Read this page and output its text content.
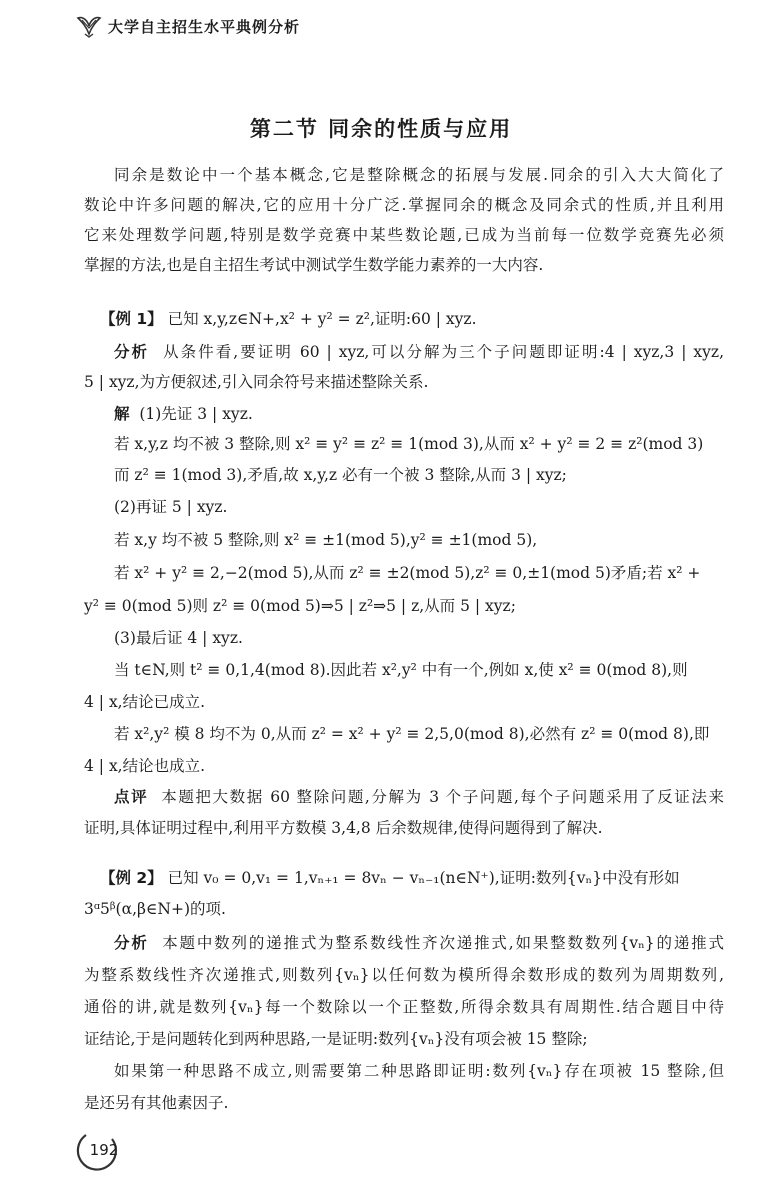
大学自主招生水平典例分析
第二节 同余的性质与应用
同余是数论中一个基本概念,它是整除概念的拓展与发展.同余的引入大大简化了
数论中许多问题的解决,它的应用十分广泛.掌握同余的概念及同余式的性质,并且利用
它来处理数学问题,特别是数学竞赛中某些数论题,已成为当前每一位数学竞赛先必须
掌握的方法,也是自主招生考试中测试学生数学能力素养的一大内容.
【例 1】 已知 x,y,z∈N+,x² + y² = z²,证明:60 | xyz.
分析 从条件看,要证明 60 | xyz,可以分解为三个子问题即证明:4 | xyz,3 | xyz,
5 | xyz,为方便叙述,引入同余符号来描述整除关系.
解 (1)先证 3 | xyz.
若 x,y,z 均不被 3 整除,则 x² ≡ y² ≡ z² ≡ 1(mod 3),从而 x² + y² ≡ 2 ≡ z²(mod 3)
而 z² ≡ 1(mod 3),矛盾,故 x,y,z 必有一个被 3 整除,从而 3 | xyz;
(2)再证 5 | xyz.
若 x,y 均不被 5 整除,则 x² ≡ ±1(mod 5),y² ≡ ±1(mod 5),
若 x² + y² ≡ 2,−2(mod 5),从而 z² ≡ ±2(mod 5),z² ≡ 0,±1(mod 5)矛盾;若 x² +
y² ≡ 0(mod 5)则 z² ≡ 0(mod 5)⇒5 | z²⇒5 | z,从而 5 | xyz;
(3)最后证 4 | xyz.
当 t∈N,则 t² ≡ 0,1,4(mod 8).因此若 x²,y² 中有一个,例如 x,使 x² ≡ 0(mod 8),则
4 | x,结论已成立.
若 x²,y² 模 8 均不为 0,从而 z² = x² + y² ≡ 2,5,0(mod 8),必然有 z² ≡ 0(mod 8),即
4 | x,结论也成立.
点评 本题把大数据 60 整除问题,分解为 3 个子问题,每个子问题采用了反证法来
证明,具体证明过程中,利用平方数模 3,4,8 后余数规律,使得问题得到了解决.
【例 2】 已知 v₀ = 0,v₁ = 1,vₙ₊₁ = 8vₙ − vₙ₋₁(n∈N⁺),证明:数列{vₙ}中没有形如
3ᵅ5ᵝ(α,β∈N+)的项.
分析 本题中数列的递推式为整系数线性齐次递推式,如果整数数列{vₙ}的递推式
为整系数线性齐次递推式,则数列{vₙ}以任何数为模所得余数形成的数列为周期数列,
通俗的讲,就是数列{vₙ}每一个数除以一个正整数,所得余数具有周期性.结合题目中待
证结论,于是问题转化到两种思路,一是证明:数列{vₙ}没有项会被 15 整除;
如果第一种思路不成立,则需要第二种思路即证明:数列{vₙ}存在项被 15 整除,但
是还另有其他素因子.
192
